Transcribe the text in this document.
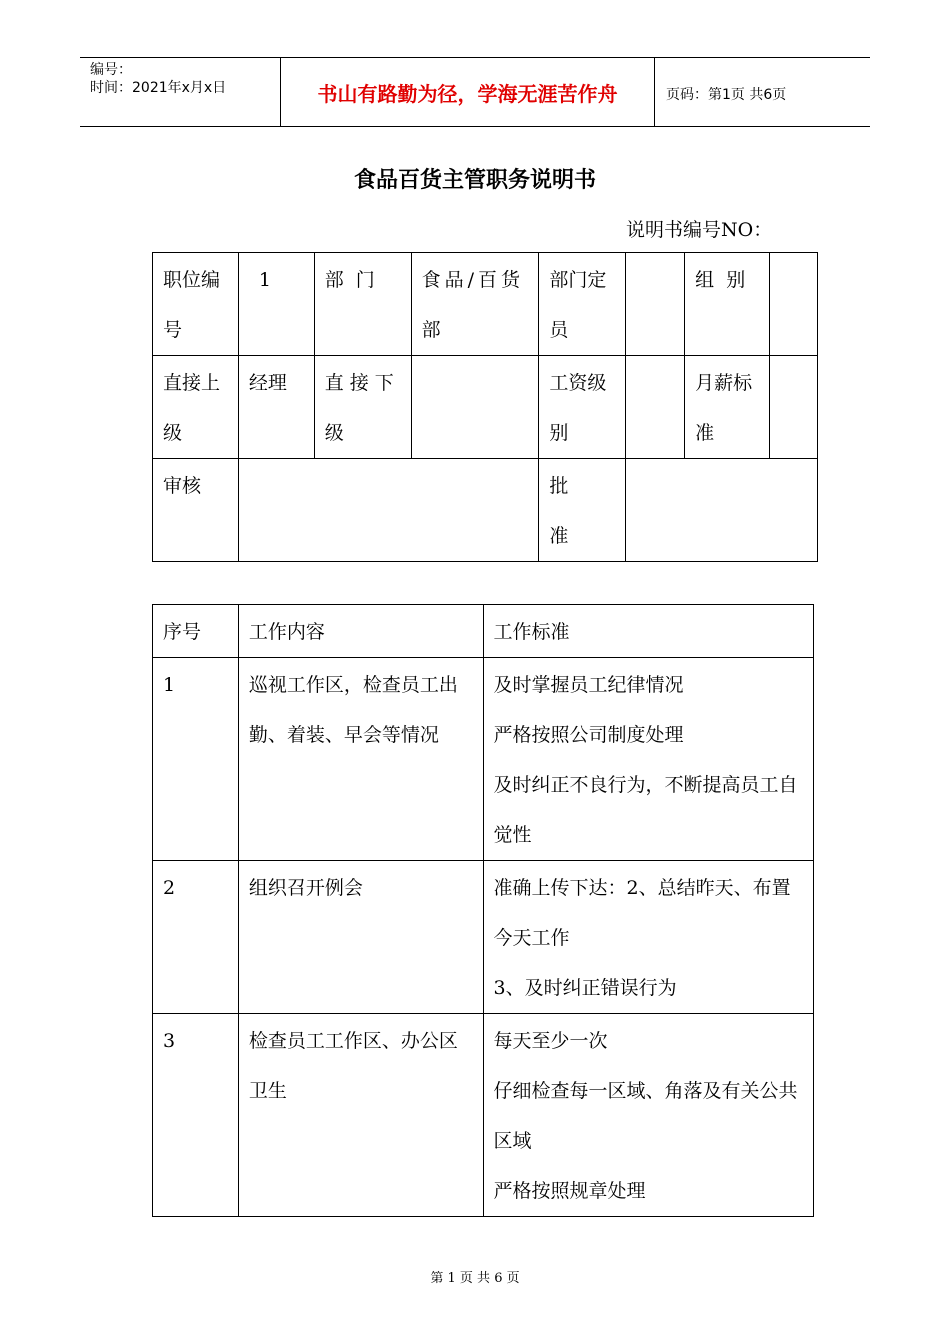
编号：
时间：2021年x月x日	书山有路勤为径，学海无涯苦作舟	页码：第1页 共6页
食品百货主管职务说明书
说明书编号NO：
职位编号	1	部  门	食品/百货部	部门定员		组  别	
直接上级	经理	直接下级		工资级别		月薪标准	
审核				批准			
序号	工作内容	工作标准
1	巡视工作区，检查员工出勤、着装、早会等情况	及时掌握员工纪律情况
严格按照公司制度处理
及时纠正不良行为，不断提高员工自觉性

2	组织召开例会	准确上传下达：2、总结昨天、布置今天工作
3、及时纠正错误行为

3	检查员工工作区、办公区卫生	每天至少一次
仔细检查每一区域、角落及有关公共区域
严格按照规章处理
第 1 页 共 6 页
